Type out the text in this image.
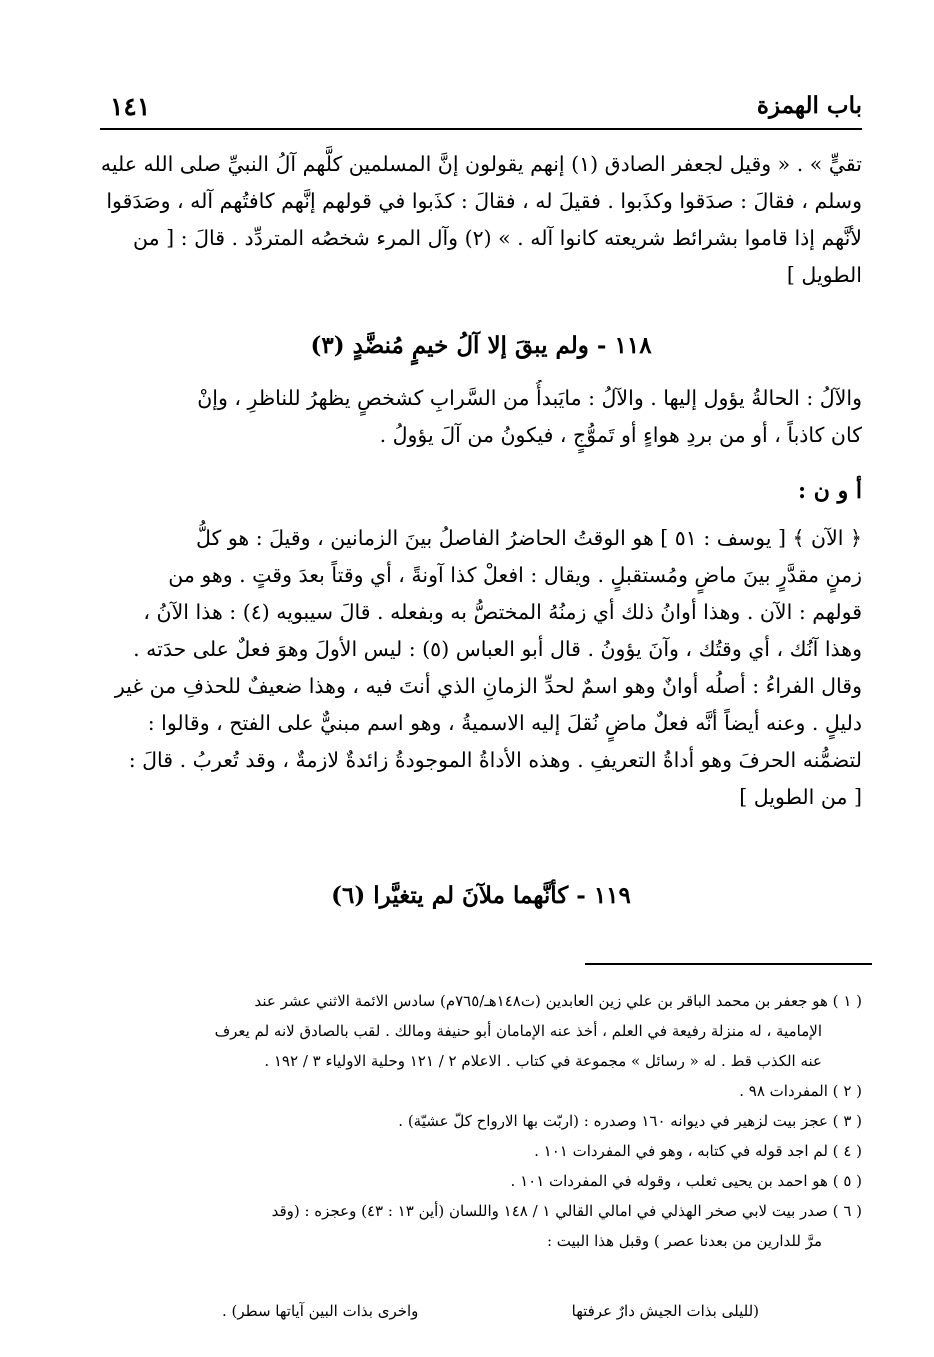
باب الهمزة
١٤١
تقيٍّ » . « وقيل لجعفر الصادق (١) إنهم يقولون إنَّ المسلمين كلَّهم آلُ النبيِّ صلى الله عليه
وسلم ، فقالَ : صدَقوا وكذَبوا . فقيلَ له ، فقالَ : كذَبوا في قولهم إنَّهم كافتُهم آله ، وصَدَقوا
لأنَّهم إذا قاموا بشرائط شريعته كانوا آله . » (٢) وآل المرء شخصُه المتردِّد . قالَ : [ من
الطويل ]
١١٨ - ولم يبقَ إلا آلُ خيمٍ مُنضَّدٍ (٣)
والآلُ : الحالةُ يؤول إليها . والآلُ : مايَبدأُ من السَّرابِ كشخصٍ يظهرُ للناظرِ ، وإنْ
كان كاذباً ، أو من بردِ هواءٍ أو تَموُّجٍ ، فيكونُ من آلَ يؤولُ .
أ و ن :
﴿ الآن ﴾ [ يوسف : ٥١ ] هو الوقتُ الحاضرُ الفاصلُ بينَ الزمانين ، وقيلَ : هو كلُّ
زمنٍ مقدَّرٍ بينَ ماضٍ ومُستقبلٍ . ويقال : افعلْ كذا آونةً ، أي وقتاً بعدَ وقتٍ . وهو من
قولهم : الآن . وهذا أوانُ ذلك أي زمنُهُ المختصُّ به وبفعله . قالَ سيبويه (٤) : هذا الآنُ ،
وهذا آنُك ، أي وقتُك ، وآنَ يؤونُ . قال أبو العباس (٥) : ليس الأولَ وهوَ فعلٌ على حدَته .
وقال الفراءُ : أصلُه أوانٌ وهو اسمٌ لحدِّ الزمانِ الذي أنتَ فيه ، وهذا ضعيفٌ للحذفِ من غير
دليلٍ . وعنه أيضاً أنَّه فعلٌ ماضٍ نُقلَ إليه الاسميةُ ، وهو اسم مبنيٌّ على الفتح ، وقالوا :
لتضمُّنه الحرفَ وهو أداةُ التعريفِ . وهذه الأداةُ الموجودةُ زائدةٌ لازمةٌ ، وقد تُعربُ . قالَ :
[ من الطويل ]
١١٩ - كأنَّهما ملآنَ لم يتغيَّرا (٦)
( ١ ) هو جعفر بن محمد الباقر بن علي زين العابدين (ت١٤٨هـ/٧٦٥م) سادس الائمة الاثني عشر عند
الإمامية ، له منزلة رفيعة في العلم ، أخذ عنه الإمامان أبو حنيفة ومالك . لقب بالصادق لانه لم يعرف
عنه الكذب قط . له « رسائل » مجموعة في كتاب . الاعلام ٢ / ١٢١ وحلية الاولياء ٣ / ١٩٢ .
( ٢ ) المفردات ٩٨ .
( ٣ ) عجز بيت لزهير في ديوانه ١٦٠ وصدره : (اربّت بها الارواح كلّ عشيّة) .
( ٤ ) لم اجد قوله في كتابه ، وهو في المفردات ١٠١ .
( ٥ ) هو احمد بن يحيى ثعلب ، وقوله في المفردات ١٠١ .
( ٦ ) صدر بيت لابي صخر الهذلي في امالي القالي ١ / ١٤٨ واللسان (أين ١٣ : ٤٣) وعجزه : (وقد
مرَّ للدارين من بعدنا عصر ) وقبل هذا البيت :
(لليلى بذات الجيش دارٌ عرفتها
واخرى بذات البين آياتها سطر) .
